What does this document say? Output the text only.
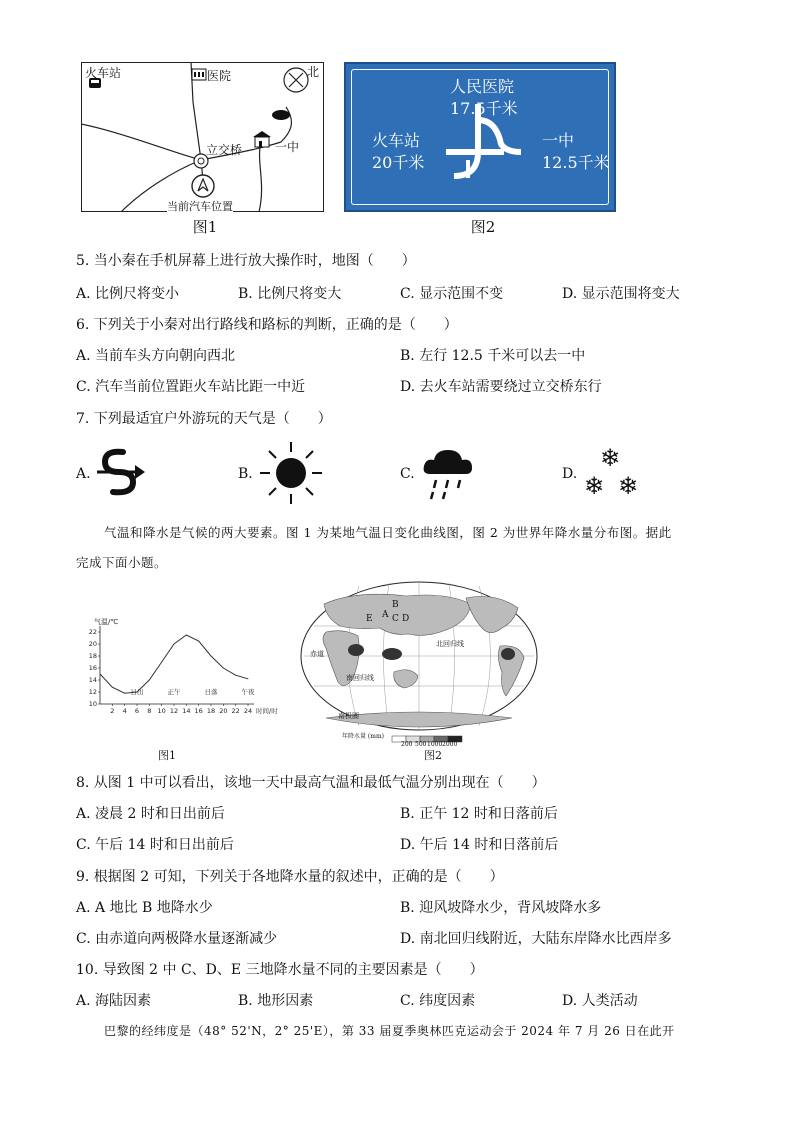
火车站	医院	北
立交桥	一中
当前汽车位置
图1
人民医院
17.5千米
火车站
20千米
一中
12.5千米
图2
5. 当小秦在手机屏幕上进行放大操作时，地图（　　）
A. 比例尺将变小	B. 比例尺将变大	C. 显示范围不变	D. 显示范围将变大
6. 下列关于小秦对出行路线和路标的判断，正确的是（　　）
A. 当前车头方向朝向西北	B. 左行 12.5 千米可以去一中
C. 汽车当前位置距火车站比距一中近	D. 去火车站需要绕过立交桥东行
7. 下列最适宜户外游玩的天气是（　　）
A.	B.	C.	D.
❄
❄ ❄
气温和降水是气候的两大要素。图 1 为某地气温日变化曲线图，图 2 为世界年降水量分布图。据此
完成下面小题。
2 4 6 8 10 12 14 16 18 20 22 24
10
12
14
16
18
20
22
气温/℃
时间/时
日出	正午	日落	午夜
图1
A
B
C D
E
北回归线
赤道
南回归线
南极圈
年降水量 (mm)
200 500 1000 2000
图2
8. 从图 1 中可以看出，该地一天中最高气温和最低气温分别出现在（　　）
A. 凌晨 2 时和日出前后	B. 正午 12 时和日落前后
C. 午后 14 时和日出前后	D. 午后 14 时和日落前后
9. 根据图 2 可知，下列关于各地降水量的叙述中，正确的是（　　）
A. A 地比 B 地降水少	B. 迎风坡降水少，背风坡降水多
C. 由赤道向两极降水量逐渐减少	D. 南北回归线附近，大陆东岸降水比西岸多
10. 导致图 2 中 C、D、E 三地降水量不同的主要因素是（　　）
A. 海陆因素	B. 地形因素	C. 纬度因素	D. 人类活动
巴黎的经纬度是（48° 52'N，2° 25'E），第 33 届夏季奥林匹克运动会于 2024 年 7 月 26 日在此开
